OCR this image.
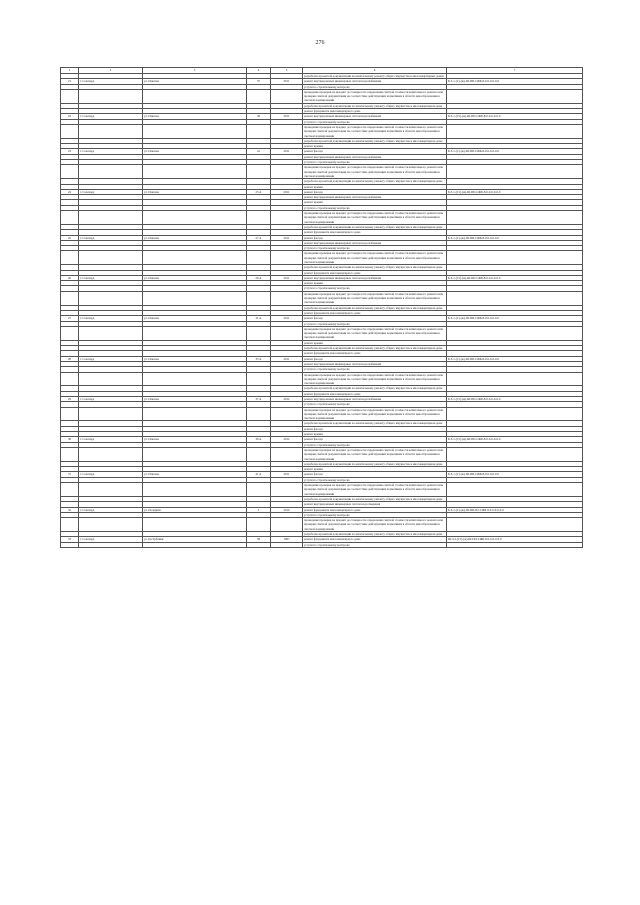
276
1	2	3	4	5	6	7
					разработка проектной документации на капитальному ремонту общего имущества в многоквартирных домах	
21	г. Салехард	ул. Павлова	37	2011	ремонт внутридомовых инженерных систем водоснабжения	Б-3-1-(С)-(ж)-Ш-ПП-СЖБ-8-0-0-0-0-0-0
					услуги по строительному контролю	
					проведение проверки на предмет достоверности определения сметной стоимости капитального ремонта или проверки сметной документации на соответствие действующим нормативам в области ценообразования в сметном нормировании	
					разработка проектной документации по капитальному ремонту общего имущества в многоквартирном доме	
					ремонт фундамента многоквартирного дома	
22	г. Салехард	ул. Павлова	39	2011	ремонт внутридомовых инженерных систем водоснабжения	Б-3-1-(Ст)-(ж)-Ш-ПП-СЖБ-8-0-0-0-0-0-0
					услуги по строительному контролю	
					проведение проверки на предмет достоверности определения сметной стоимости капитального ремонта или проверки сметной документации на соответствие действующим нормативам в области ценообразования в сметном нормировании	
					разработка проектной документации по капитальному ремонту общего имущества в многоквартирном доме	
					ремонт крыши	
23	г. Салехард	ул. Павлова	41	2011	ремонт фасада	Б-3-1-(С)-(ж)-Ш-ПП-СЖБ-8-0-0-0-0-0-0
					ремонт внутридомовых инженерных систем водоснабжения	
					услуги по строительному контролю	
					проведение проверки на предмет достоверности определения сметной стоимости капитального ремонта или проверки сметной документации на соответствие действующим нормативам в области ценообразования в сметном нормировании	
					разработка проектной документации по капитальному ремонту общего имущества в многоквартирном доме	
					ремонт крыши	
24	г. Салехард	ул. Павлова	25 А	2011	ремонт фасада	Б-3-1-(Ст)-(ж)-Ш-ПП-СЖБ-8-0-0-0-0-0-0
					ремонт внутридомовых инженерных систем водоснабжения	
					ремонт крыши	
					услуги по строительному контролю	
					проведение проверки на предмет достоверности определения сметной стоимости капитального ремонта или проверки сметной документации на соответствие действующим нормативам в области ценообразования в сметном нормировании	
					разработка проектной документации по капитальному ремонту общего имущества в многоквартирном доме	
					ремонт фундамента многоквартирного дома	
25	г. Салехард	ул. Павлова	27 А	2011	ремонт фасада	Б-3-1-(С)-(ж)-Ш-ПП-СЖБ-8-0-0-0-0-0-0
					ремонт внутридомовых инженерных систем водоснабжения	
					услуги по строительному контролю	
					проведение проверки на предмет достоверности определения сметной стоимости капитального ремонта или проверки сметной документации на соответствие действующим нормативам в области ценообразования в сметном нормировании	
					разработка проектной документации по капитальному ремонту общего имущества в многоквартирном доме	
					ремонт фундамента многоквартирного дома	
26	г. Салехард	ул. Павлова	29 А	2011	ремонт внутридомовых инженерных систем водоснабжения	Б-3-1-(Ст)-(ж)-Ш-ПП-СЖБ-8-0-0-0-0-0-0
					ремонт крыши	
					услуги по строительному контролю	
					проведение проверки на предмет достоверности определения сметной стоимости капитального ремонта или проверки сметной документации на соответствие действующим нормативам в области ценообразования в сметном нормировании	
					разработка проектной документации по капитальному ремонту общего имущества в многоквартирном доме	
					ремонт фундамента многоквартирного дома	
27	г. Салехард	ул. Павлова	31 А	2011	ремонт фасада	Б-3-1-(С)-(ж)-Ш-ПП-СЖБ-8-0-0-0-0-0-0
					услуги по строительному контролю	
					проведение проверки на предмет достоверности определения сметной стоимости капитального ремонта или проверки сметной документации на соответствие действующим нормативам в области ценообразования в сметном нормировании	
					ремонт крыши	
					разработка проектной документации по капитальному ремонту общего имущества в многоквартирном доме	
					ремонт фундамента многоквартирного дома	
28	г. Салехард	ул. Павлова	35 А	2011	ремонт фасада	Б-3-1-(С)-(ж)-Ш-ПП-СЖБ-8-0-0-0-0-0-0
					ремонт внутридомовых инженерных систем водоснабжения	
					услуги по строительному контролю	
					проведение проверки на предмет достоверности определения сметной стоимости капитального ремонта или проверки сметной документации на соответствие действующим нормативам в области ценообразования в сметном нормировании	
					разработка проектной документации по капитальному ремонту общего имущества в многоквартирном доме	
					ремонт фундамента многоквартирного дома	
29	г. Салехард	ул. Павлова	37 А	2012	ремонт внутридомовых инженерных систем водоснабжения	Б-3-1-(Ст)-(ж)-Ш-ПП-СЖБ-8-0-0-0-0-0-0
					услуги по строительному контролю	
					проведение проверки на предмет достоверности определения сметной стоимости капитального ремонта или проверки сметной документации на соответствие действующим нормативам в области ценообразования в сметном нормировании	
					разработка проектной документации по капитальному ремонту общего имущества в многоквартирном доме	
					ремонт фасада	
					ремонт крыши	
30	г. Салехард	ул. Павлова	39 А	2012	ремонт фасада	Б-3-1-(Ст)-(ж)-Ш-ПП-СЖБ-8-0-0-0-0-0-0
					услуги по строительному контролю	
					проведение проверки на предмет достоверности определения сметной стоимости капитального ремонта или проверки сметной документации на соответствие действующим нормативам в области ценообразования в сметном нормировании	
					разработка проектной документации по капитальному ремонту общего имущества в многоквартирном доме	
					ремонт крыши	
31	г. Салехард	ул. Павлова	41 А	2011	ремонт фасада	Б-3-1-(С)-(ж)-Ш-ПП-СЖБ-8-0-0-0-0-0-0
					услуги по строительному контролю	
					проведение проверки на предмет достоверности определения сметной стоимости капитального ремонта или проверки сметной документации на соответствие действующим нормативам в области ценообразования в сметном нормировании	
					разработка проектной документации по капитальному ремонту общего имущества в многоквартирном доме	
					ремонт внутридомовых инженерных систем водоотведения	
32	г. Салехард	ул. Полярная	5	2010	ремонт фундамента многоквартирного дома	Б-3-1-(С)-(ж)-Ш-ПП-П2-СЖБ-8-0-0-0-0-0-0
					услуги по строительному контролю	
					проведение проверки на предмет достоверности определения сметной стоимости капитального ремонта или проверки сметной документации на соответствие действующим нормативам в области ценообразования в сметном нормировании	
					разработка проектной документации по капитальному ремонту общего имущества в многоквартирном доме	
33	г. Салехард	ул. Республики	58	1997	ремонт фундамента многоквартирного дома	Ш-3-2-(Ст)-(ж)-Ш-ПП-СЖБ-8-0-0-0-0-0-0
					услуги по строительному контролю	
